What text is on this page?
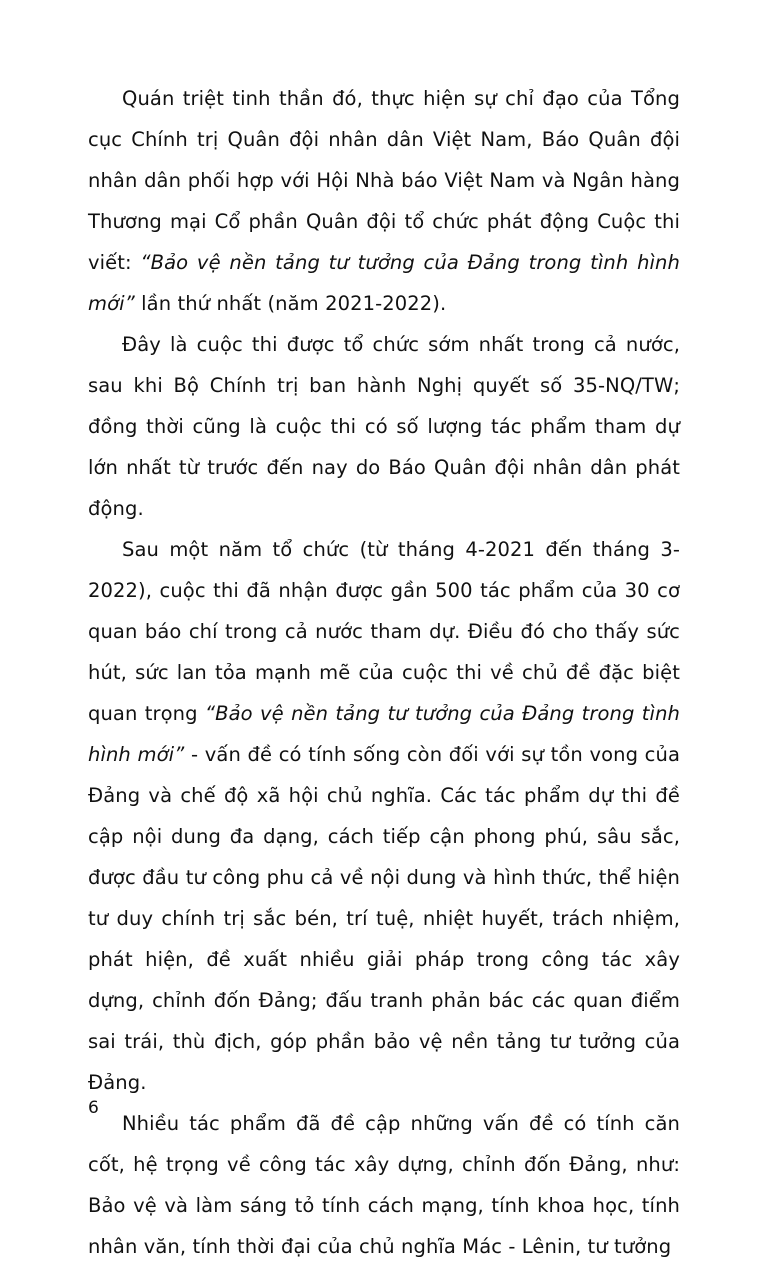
Quán triệt tinh thần đó, thực hiện sự chỉ đạo của Tổng cục Chính trị Quân đội nhân dân Việt Nam, Báo Quân đội nhân dân phối hợp với Hội Nhà báo Việt Nam và Ngân hàng Thương mại Cổ phần Quân đội tổ chức phát động Cuộc thi viết: “Bảo vệ nền tảng tư tưởng của Đảng trong tình hình mới” lần thứ nhất (năm 2021-2022).

Đây là cuộc thi được tổ chức sớm nhất trong cả nước, sau khi Bộ Chính trị ban hành Nghị quyết số 35-NQ/TW; đồng thời cũng là cuộc thi có số lượng tác phẩm tham dự lớn nhất từ trước đến nay do Báo Quân đội nhân dân phát động.

Sau một năm tổ chức (từ tháng 4-2021 đến tháng 3-2022), cuộc thi đã nhận được gần 500 tác phẩm của 30 cơ quan báo chí trong cả nước tham dự. Điều đó cho thấy sức hút, sức lan tỏa mạnh mẽ của cuộc thi về chủ đề đặc biệt quan trọng “Bảo vệ nền tảng tư tưởng của Đảng trong tình hình mới” - vấn đề có tính sống còn đối với sự tồn vong của Đảng và chế độ xã hội chủ nghĩa. Các tác phẩm dự thi đề cập nội dung đa dạng, cách tiếp cận phong phú, sâu sắc, được đầu tư công phu cả về nội dung và hình thức, thể hiện tư duy chính trị sắc bén, trí tuệ, nhiệt huyết, trách nhiệm, phát hiện, đề xuất nhiều giải pháp trong công tác xây dựng, chỉnh đốn Đảng; đấu tranh phản bác các quan điểm sai trái, thù địch, góp phần bảo vệ nền tảng tư tưởng của Đảng.

Nhiều tác phẩm đã đề cập những vấn đề có tính căn cốt, hệ trọng về công tác xây dựng, chỉnh đốn Đảng, như: Bảo vệ và làm sáng tỏ tính cách mạng, tính khoa học, tính nhân văn, tính thời đại của chủ nghĩa Mác - Lênin, tư tưởng

6
